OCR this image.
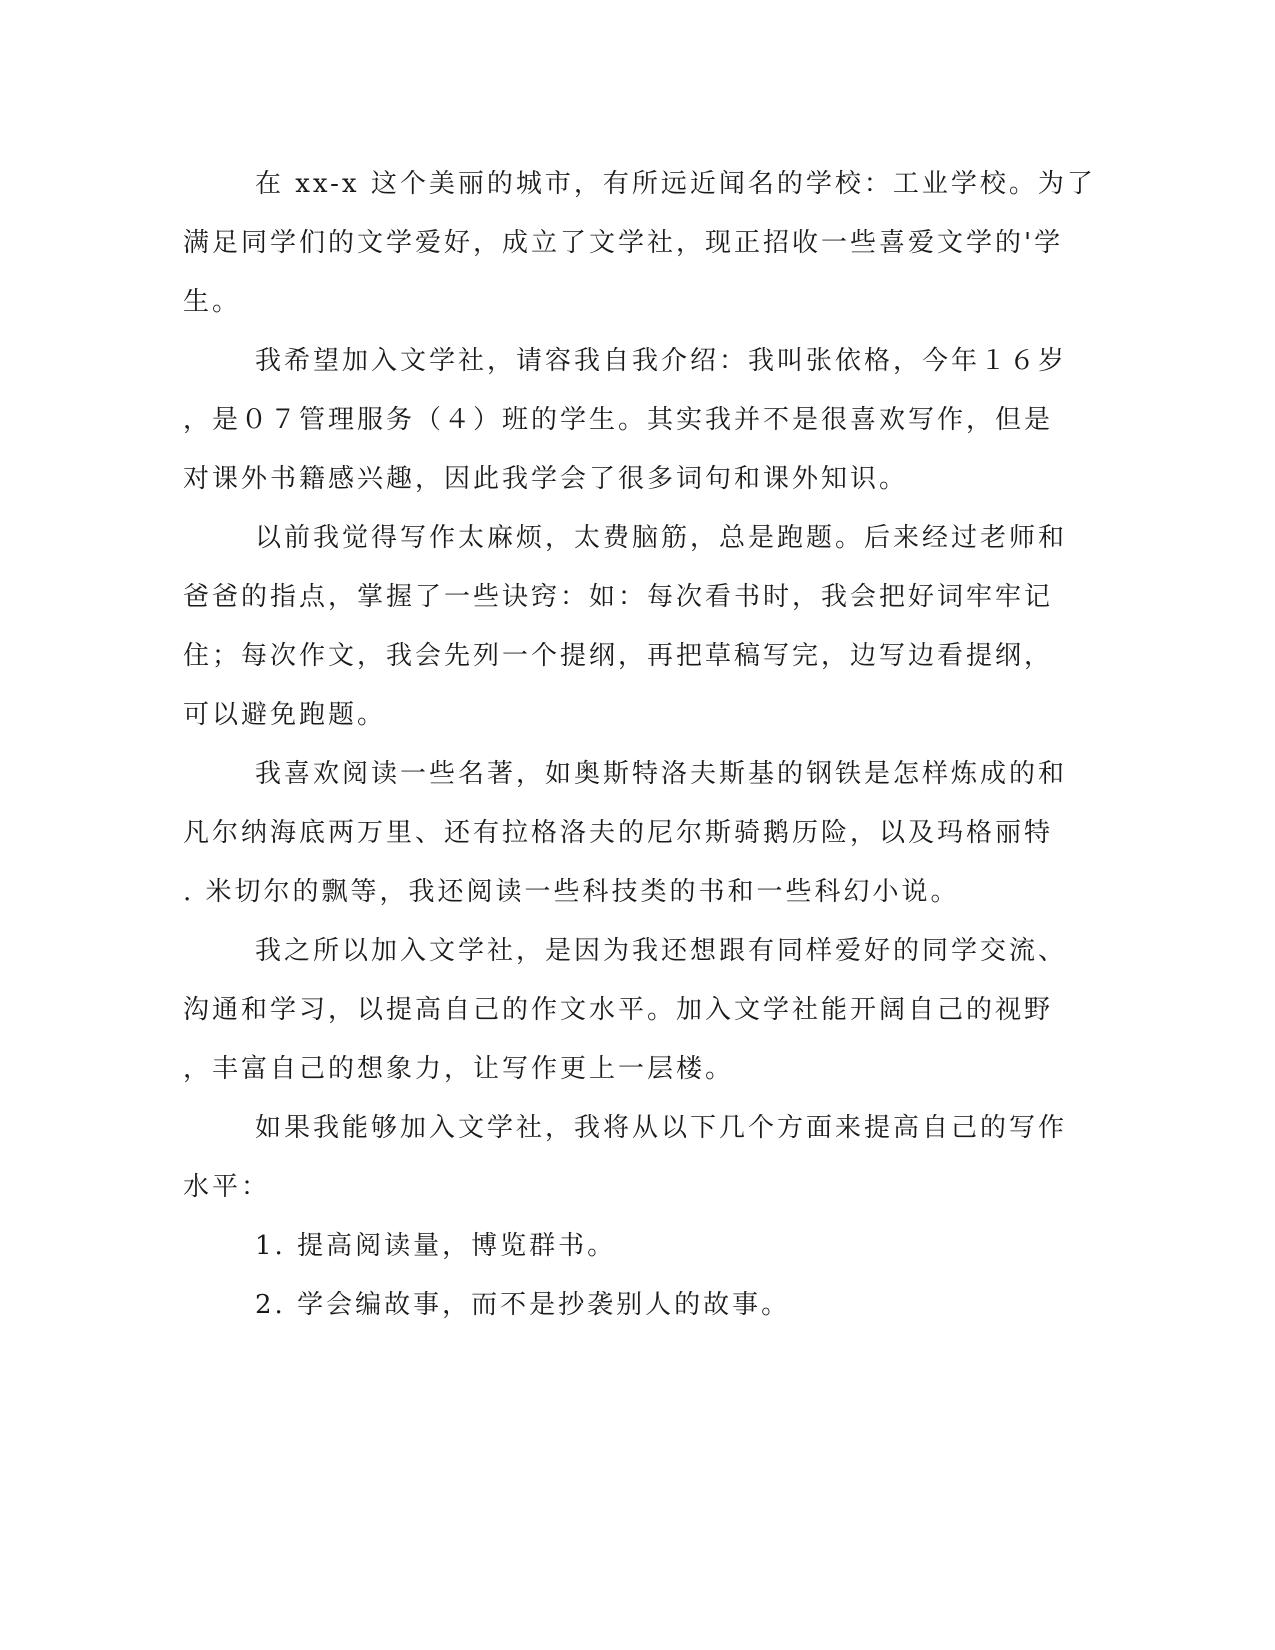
在 xx-x 这个美丽的城市，有所远近闻名的学校：工业学校。为了
满足同学们的文学爱好，成立了文学社，现正招收一些喜爱文学的'学
生。
我希望加入文学社，请容我自我介绍：我叫张依格，今年１６岁
，是０７管理服务（４）班的学生。其实我并不是很喜欢写作，但是
对课外书籍感兴趣，因此我学会了很多词句和课外知识。
以前我觉得写作太麻烦，太费脑筋，总是跑题。后来经过老师和
爸爸的指点，掌握了一些诀窍：如：每次看书时，我会把好词牢牢记
住；每次作文，我会先列一个提纲，再把草稿写完，边写边看提纲，
可以避免跑题。
我喜欢阅读一些名著，如奥斯特洛夫斯基的钢铁是怎样炼成的和
凡尔纳海底两万里、还有拉格洛夫的尼尔斯骑鹅历险，以及玛格丽特
. 米切尔的飘等，我还阅读一些科技类的书和一些科幻小说。
我之所以加入文学社，是因为我还想跟有同样爱好的同学交流、
沟通和学习，以提高自己的作文水平。加入文学社能开阔自己的视野
，丰富自己的想象力，让写作更上一层楼。
如果我能够加入文学社，我将从以下几个方面来提高自己的写作
水平：
1. 提高阅读量，博览群书。
2. 学会编故事，而不是抄袭别人的故事。
